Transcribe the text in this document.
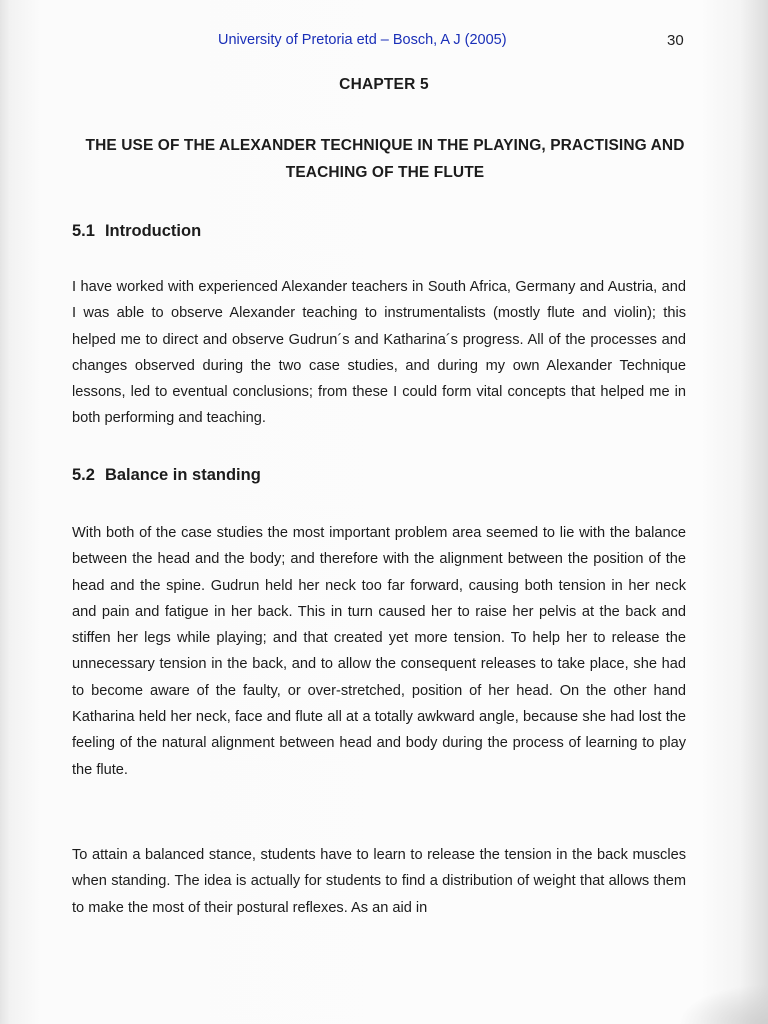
University of Pretoria etd – Bosch, A J (2005)	30
CHAPTER 5
THE USE OF THE ALEXANDER TECHNIQUE IN THE PLAYING, PRACTISING AND TEACHING OF THE FLUTE
5.1 Introduction

I have worked with experienced Alexander teachers in South Africa, Germany and Austria, and I was able to observe Alexander teaching to instrumentalists (mostly flute and violin); this helped me to direct and observe Gudrun´s and Katharina´s progress. All of the processes and changes observed during the two case studies, and during my own Alexander Technique lessons, led to eventual conclusions; from these I could form vital concepts that helped me in both performing and teaching.

5.2 Balance in standing

With both of the case studies the most important problem area seemed to lie with the balance between the head and the body; and therefore with the alignment between the position of the head and the spine. Gudrun held her neck too far forward, causing both tension in her neck and pain and fatigue in her back. This in turn caused her to raise her pelvis at the back and stiffen her legs while playing; and that created yet more tension. To help her to release the unnecessary tension in the back, and to allow the consequent releases to take place, she had to become aware of the faulty, or over-stretched, position of her head. On the other hand Katharina held her neck, face and flute all at a totally awkward angle, because she had lost the feeling of the natural alignment between head and body during the process of learning to play the flute.

To attain a balanced stance, students have to learn to release the tension in the back muscles when standing. The idea is actually for students to find a distribution of weight that allows them to make the most of their postural reflexes. As an aid in
